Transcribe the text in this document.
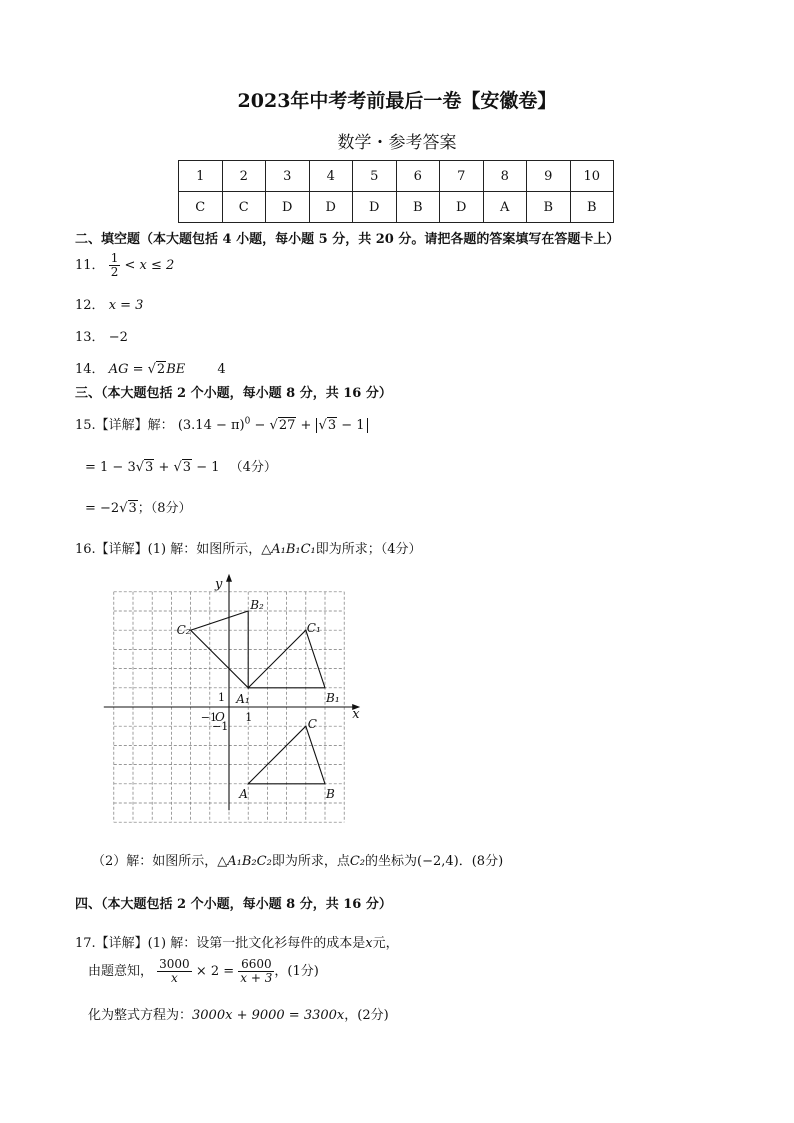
2023年中考考前最后一卷【安徽卷】
数学・参考答案
1	2	3	4	5	6	7	8	9	10
C	C	D	D	D	B	D	A	B	B
二、填空题（本大题包括 4 小题，每小题 5 分，共 20 分。请把各题的答案填写在答题卡上）
11． $\frac{1}{2} < x \le 2$
12． x = 3
13． −2
14． AG = √2BE 4
三、（本大题包括 2 个小题，每小题 8 分，共 16 分）
15.【详解】解： $(3.14 - \pi)^0 - √27 + √3 - 1$
= 1 − 3√3 + √3 − 1 （4分）
= −2√3；（8分）
16.【详解】(1) 解：如图所示，△A₁B₁C₁即为所求；（4分）
x
y
O
1
1
−1
−1
B₂
C₂	C₁
A₁	B₁
C
A	B
（2）解：如图所示，△A₁B₂C₂即为所求，点C₂的坐标为(−2,4)．(8分)
四、（本大题包括 2 个小题，每小题 8 分，共 16 分）
17.【详解】(1) 解：设第一批文化衫每件的成本是x元，
由题意知， $\frac{3000}{x} \times 2 = \frac{6600}{x + 3}$ ，(1分)
化为整式方程为：3000x + 9000 = 3300x，(2分)
